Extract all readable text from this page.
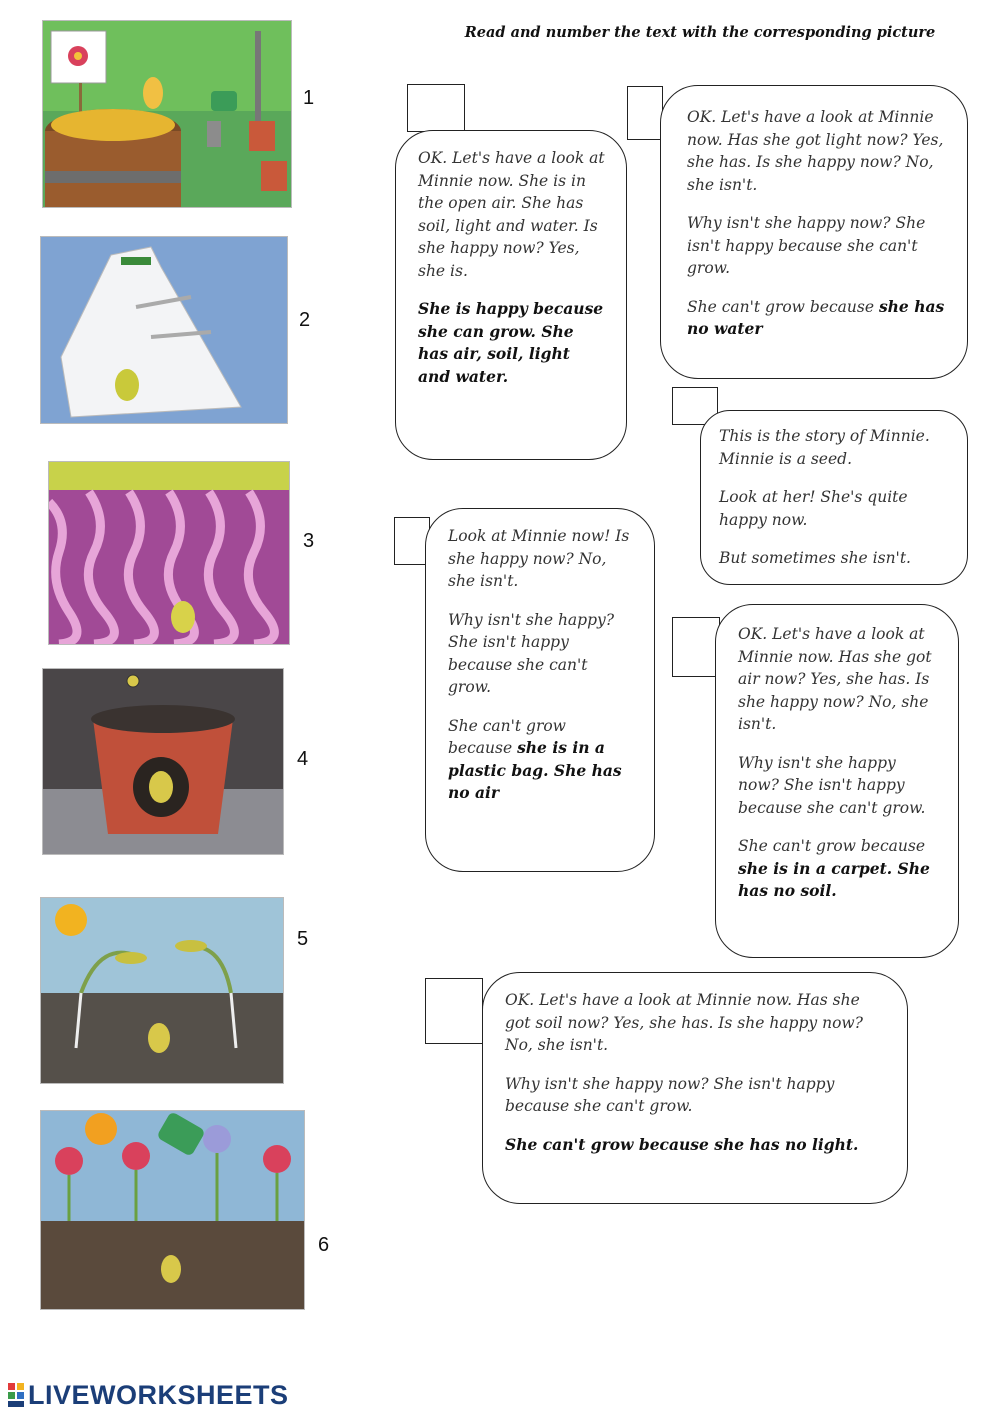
Read and number the text with the corresponding picture
1
2
3
4
5
6

OK. Let's have a look at Minnie now. She is in the open air. She has soil, light and water. Is she happy now? Yes, she is.

She is happy because she can grow. She has air, soil, light and water.

OK. Let's have a look at Minnie now. Has she got light now? Yes, she has. Is she happy now? No, she isn't.

Why isn't she happy now? She isn't happy because she can't grow.

She can't grow because she has no water

This is the story of Minnie. Minnie is a seed.

Look at her! She's quite happy now.

But sometimes she isn't.

Look at Minnie now! Is she happy now? No, she isn't.

Why isn't she happy? She isn't happy because she can't grow.

She can't grow because she is in a plastic bag. She has no air

OK. Let's have a look at Minnie now. Has she got air now? Yes, she has. Is she happy now? No, she isn't.

Why isn't she happy now? She isn't happy because she can't grow.

She can't grow because she is in a carpet. She has no soil.

OK. Let's have a look at Minnie now. Has she got soil now? Yes, she has. Is she happy now? No, she isn't.

Why isn't she happy now? She isn't happy because she can't grow.

She can't grow because she has no light.

LIVEWORKSHEETS
